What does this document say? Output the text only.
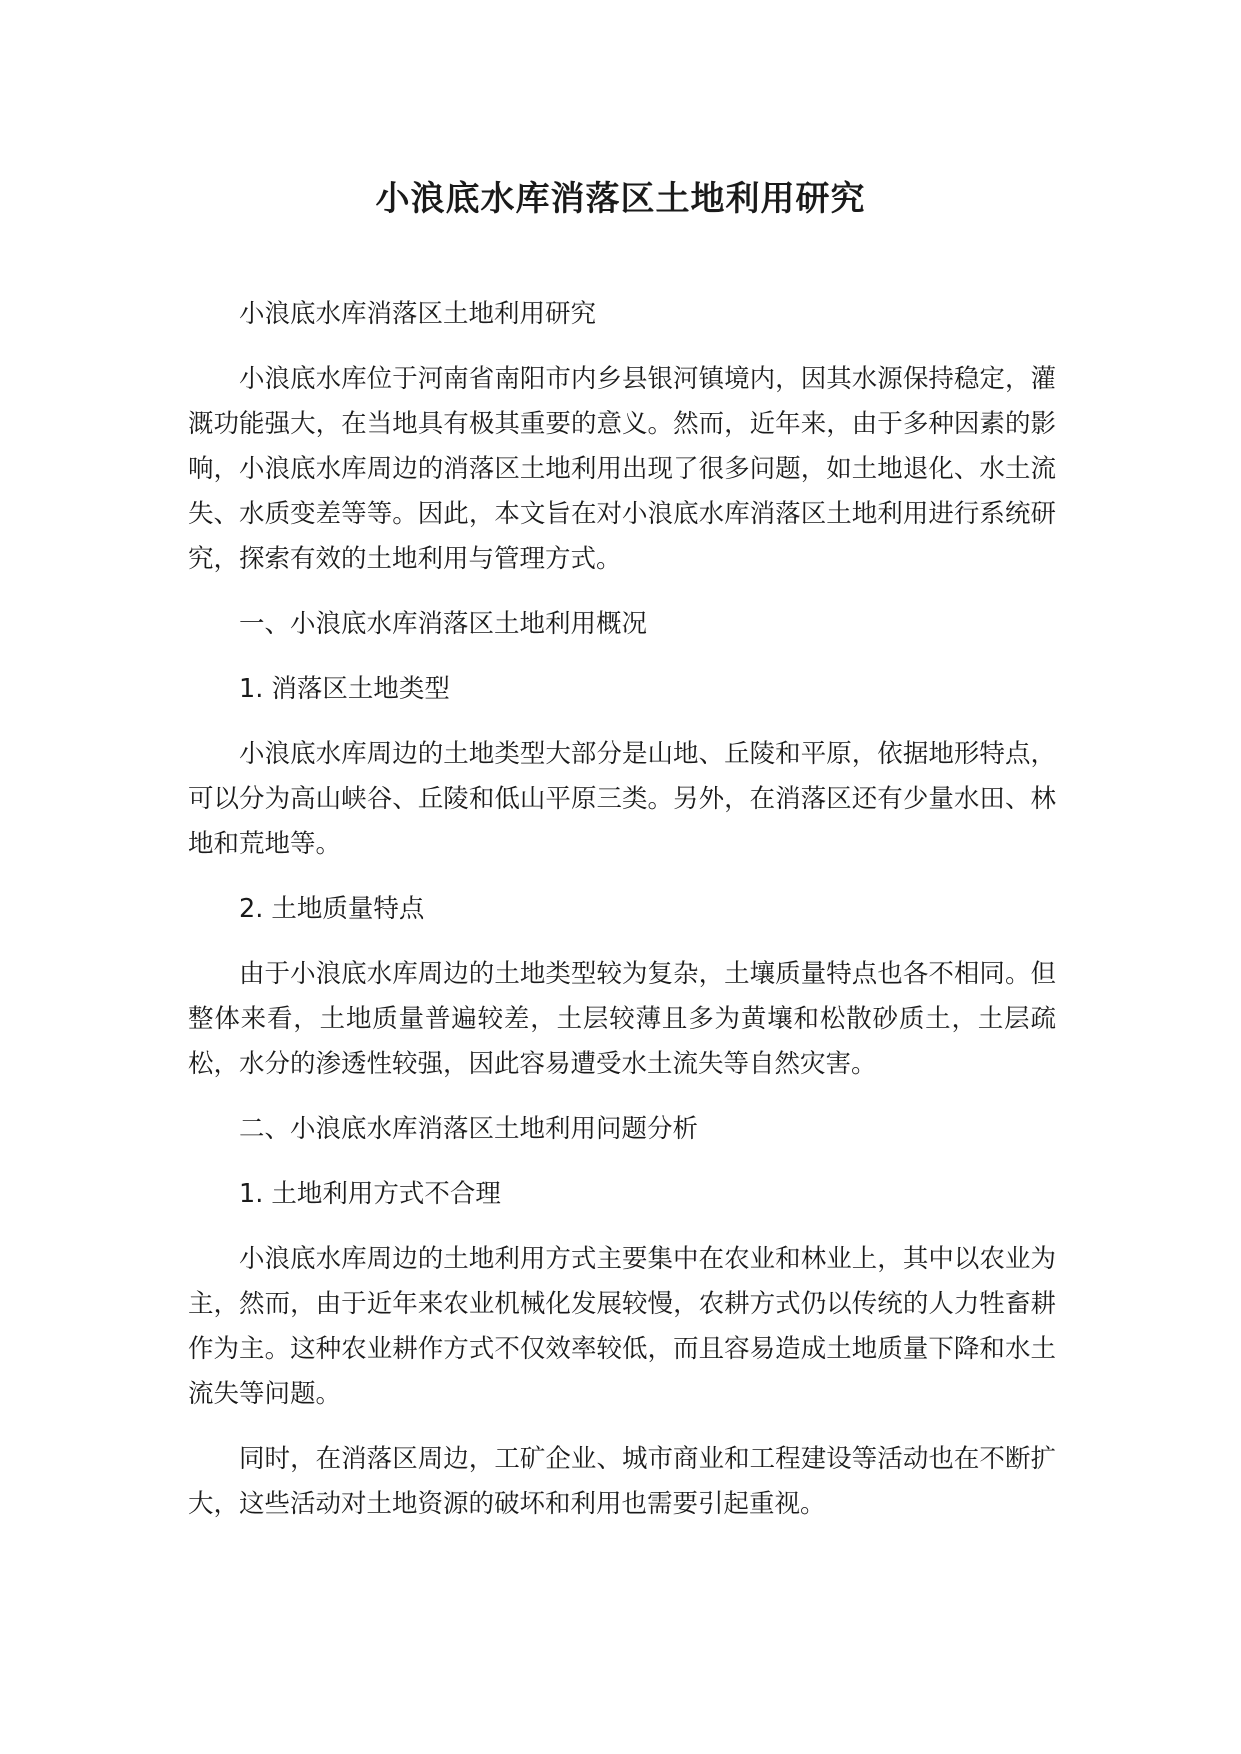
小浪底水库消落区土地利用研究

小浪底水库消落区土地利用研究

小浪底水库位于河南省南阳市内乡县银河镇境内，因其水源保持稳定，灌溉功能强大，在当地具有极其重要的意义。然而，近年来，由于多种因素的影响，小浪底水库周边的消落区土地利用出现了很多问题，如土地退化、水土流失、水质变差等等。因此，本文旨在对小浪底水库消落区土地利用进行系统研究，探索有效的土地利用与管理方式。

一、小浪底水库消落区土地利用概况

1. 消落区土地类型

小浪底水库周边的土地类型大部分是山地、丘陵和平原，依据地形特点，可以分为高山峡谷、丘陵和低山平原三类。另外，在消落区还有少量水田、林地和荒地等。

2. 土地质量特点

由于小浪底水库周边的土地类型较为复杂，土壤质量特点也各不相同。但整体来看，土地质量普遍较差，土层较薄且多为黄壤和松散砂质土，土层疏松，水分的渗透性较强，因此容易遭受水土流失等自然灾害。

二、小浪底水库消落区土地利用问题分析

1. 土地利用方式不合理

小浪底水库周边的土地利用方式主要集中在农业和林业上，其中以农业为主，然而，由于近年来农业机械化发展较慢，农耕方式仍以传统的人力牲畜耕作为主。这种农业耕作方式不仅效率较低，而且容易造成土地质量下降和水土流失等问题。

同时，在消落区周边，工矿企业、城市商业和工程建设等活动也在不断扩大，这些活动对土地资源的破坏和利用也需要引起重视。
